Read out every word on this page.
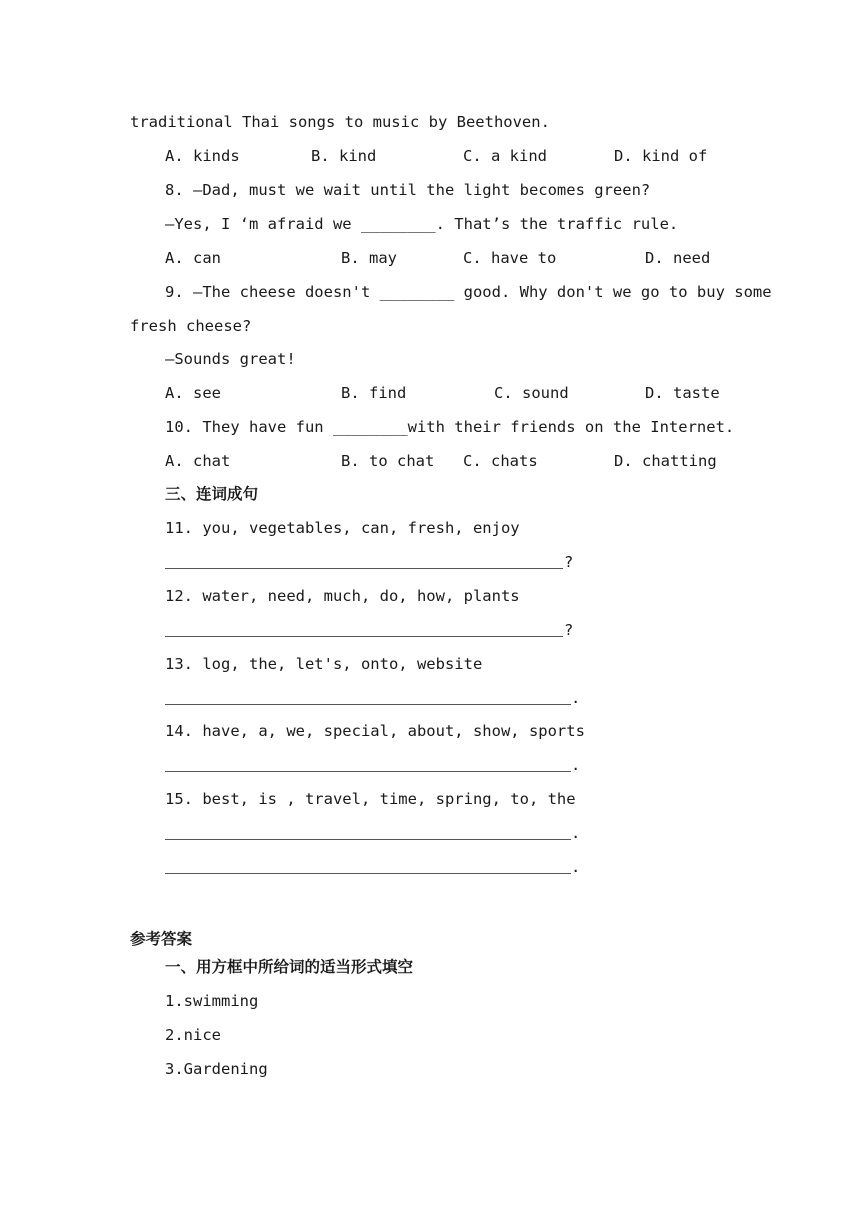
traditional Thai songs to music by Beethoven.
A. kinds	B. kind	C. a kind	D. kind of
8. —Dad, must we wait until the light becomes green?
—Yes, I ‘m afraid we ________. That’s the traffic rule.
A. can	B. may	C. have to	D. need
9. —The cheese doesn't ________ good. Why don't we go to buy some
fresh cheese?
—Sounds great!
A. see	B. find	C. sound	D. taste
10. They have fun ________with their friends on the Internet.
A. chat	B. to chat C. chats	D. chatting
三、连词成句
11. you, vegetables, can, fresh, enjoy
?
12. water, need, much, do, how, plants
?
13. log, the, let's, onto, website
.
14. have, a, we, special, about, show, sports
.
15. best, is , travel, time, spring, to, the
.
.
参考答案
一、用方框中所给词的适当形式填空
1.swimming
2.nice
3.Gardening
